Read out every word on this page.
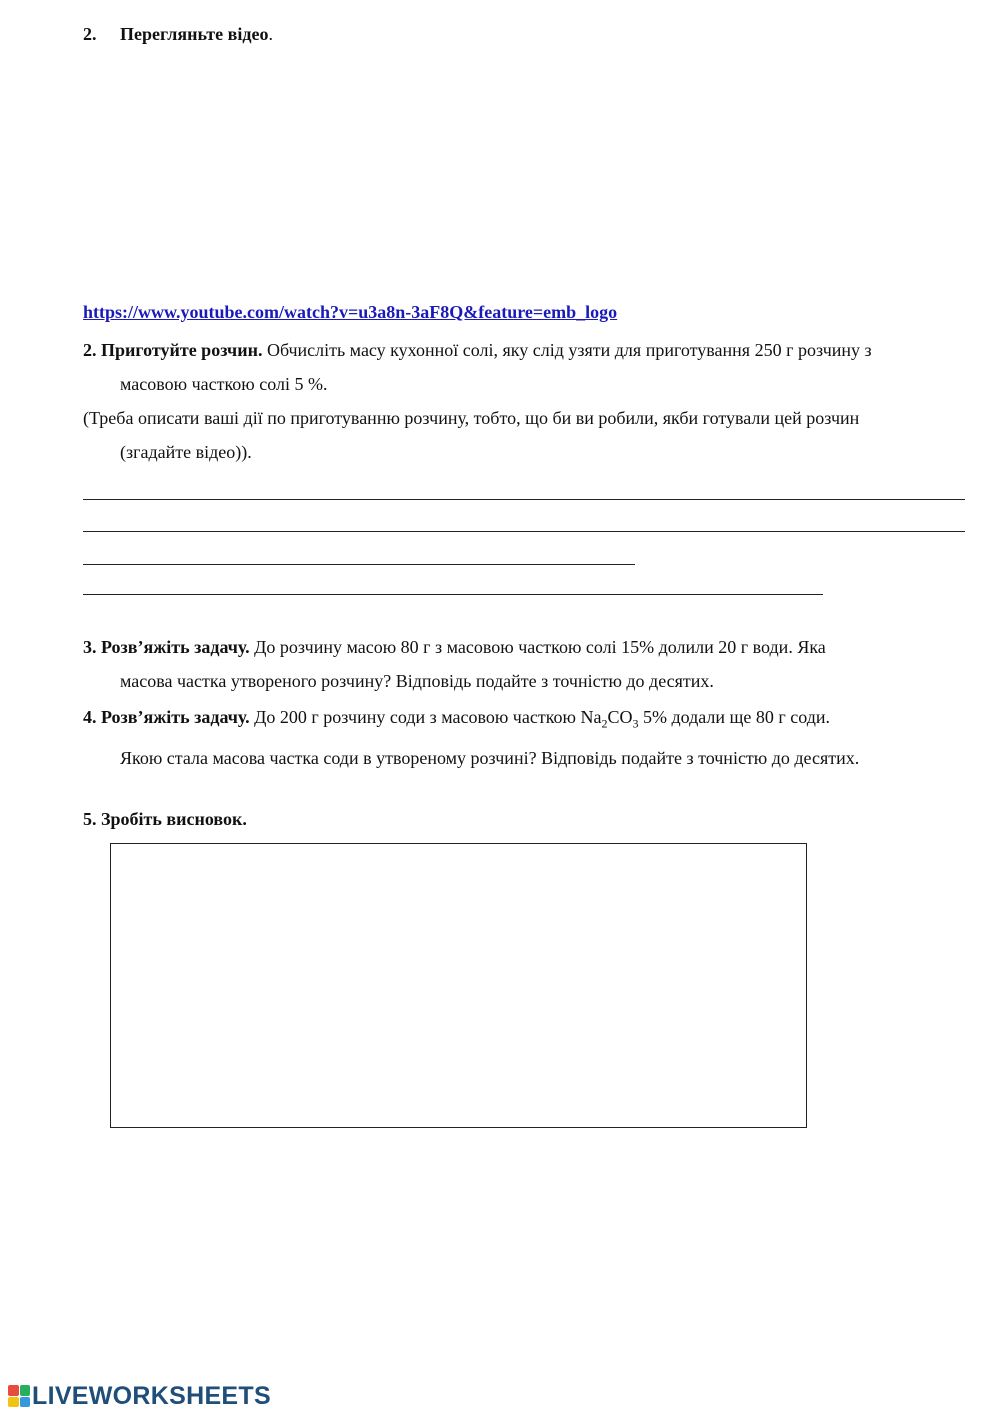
2. Перегляньте відео.
https://www.youtube.com/watch?v=u3a8n-3aF8Q&feature=emb_logo
2. Приготуйте розчин. Обчисліть масу кухонної солі, яку слід узяти для приготування 250 г розчину з
масовою часткою солі 5 %.
(Треба описати ваші дії по приготуванню розчину, тобто, що би ви робили, якби готували цей розчин
(згадайте відео)).
3. Розв’яжіть задачу. До розчину масою 80 г з масовою часткою солі 15% долили 20 г води. Яка
масова частка утвореного розчину? Відповідь подайте з точністю до десятих.
4. Розв’яжіть задачу. До 200 г розчину соди з масовою часткою $Na_2CO_3$ 5% додали ще 80 г соди.
Якою стала масова частка соди в утвореному розчині? Відповідь подайте з точністю до десятих.
5. Зробіть висновок.
LIVEWORKSHEETS
